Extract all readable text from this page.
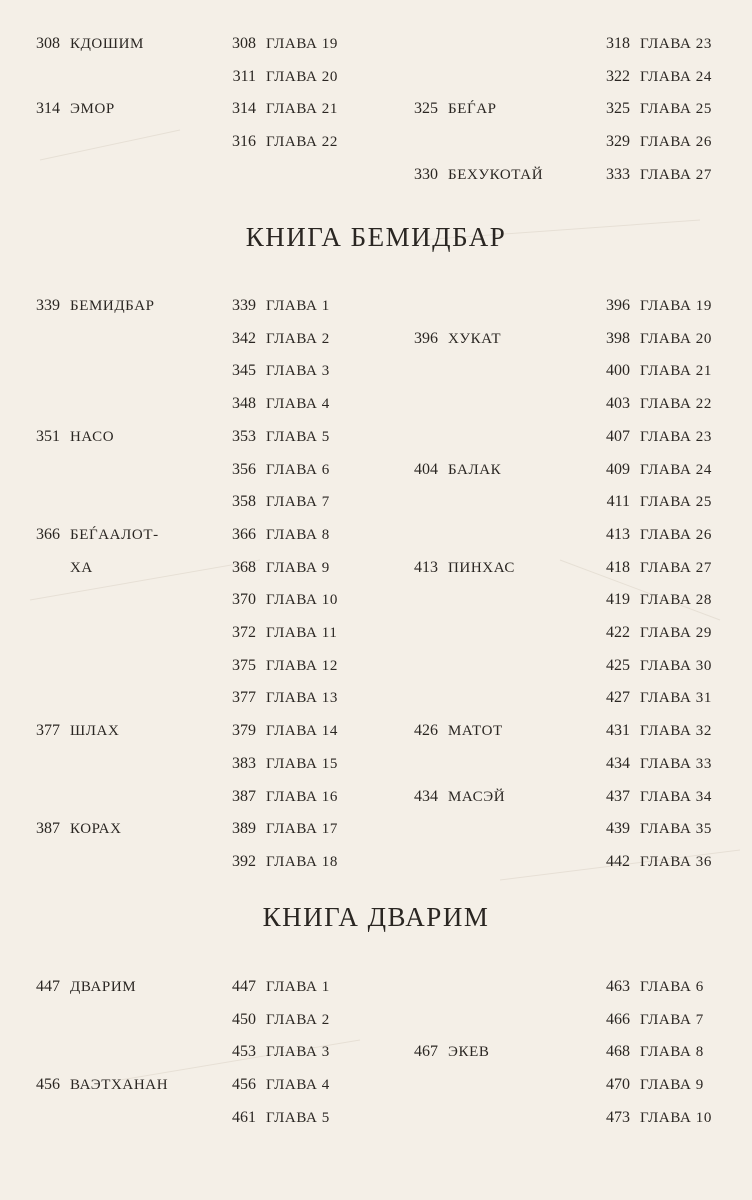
КНИГА БЕМИДБАР
КНИГА ДВАРИМ
308 КДОШИМ	308 ГЛАВА 19	318 ГЛАВА 23
311 ГЛАВА 20	322 ГЛАВА 24
314 ЭМОР	314 ГЛАВА 21	325 БЕЃАР	325 ГЛАВА 25
316 ГЛАВА 22	329 ГЛАВА 26
330 БЕХУКОТАЙ	333 ГЛАВА 27
339 БЕМИДБАР	339 ГЛАВА 1	396 ГЛАВА 19
342 ГЛАВА 2	396 ХУКАТ	398 ГЛАВА 20
345 ГЛАВА 3	400 ГЛАВА 21
348 ГЛАВА 4	403 ГЛАВА 22
351 НАСО	353 ГЛАВА 5	407 ГЛАВА 23
356 ГЛАВА 6	404 БАЛАК	409 ГЛАВА 24
358 ГЛАВА 7	411 ГЛАВА 25
366 БЕЃААЛОТ-	366 ГЛАВА 8	413 ГЛАВА 26
ХА	368 ГЛАВА 9	413 ПИНХАС	418 ГЛАВА 27
370 ГЛАВА 10	419 ГЛАВА 28
372 ГЛАВА 11	422 ГЛАВА 29
375 ГЛАВА 12	425 ГЛАВА 30
377 ГЛАВА 13	427 ГЛАВА 31
377 ШЛАХ	379 ГЛАВА 14	426 МАТОТ	431 ГЛАВА 32
383 ГЛАВА 15	434 ГЛАВА 33
387 ГЛАВА 16	434 МАСЭЙ	437 ГЛАВА 34
387 КОРАХ	389 ГЛАВА 17	439 ГЛАВА 35
392 ГЛАВА 18	442 ГЛАВА 36
447 ДВАРИМ	447 ГЛАВА 1	463 ГЛАВА 6
450 ГЛАВА 2	466 ГЛАВА 7
453 ГЛАВА 3	467 ЭКЕВ	468 ГЛАВА 8
456 ВАЭТХАНАН	456 ГЛАВА 4	470 ГЛАВА 9
461 ГЛАВА 5	473 ГЛАВА 10
